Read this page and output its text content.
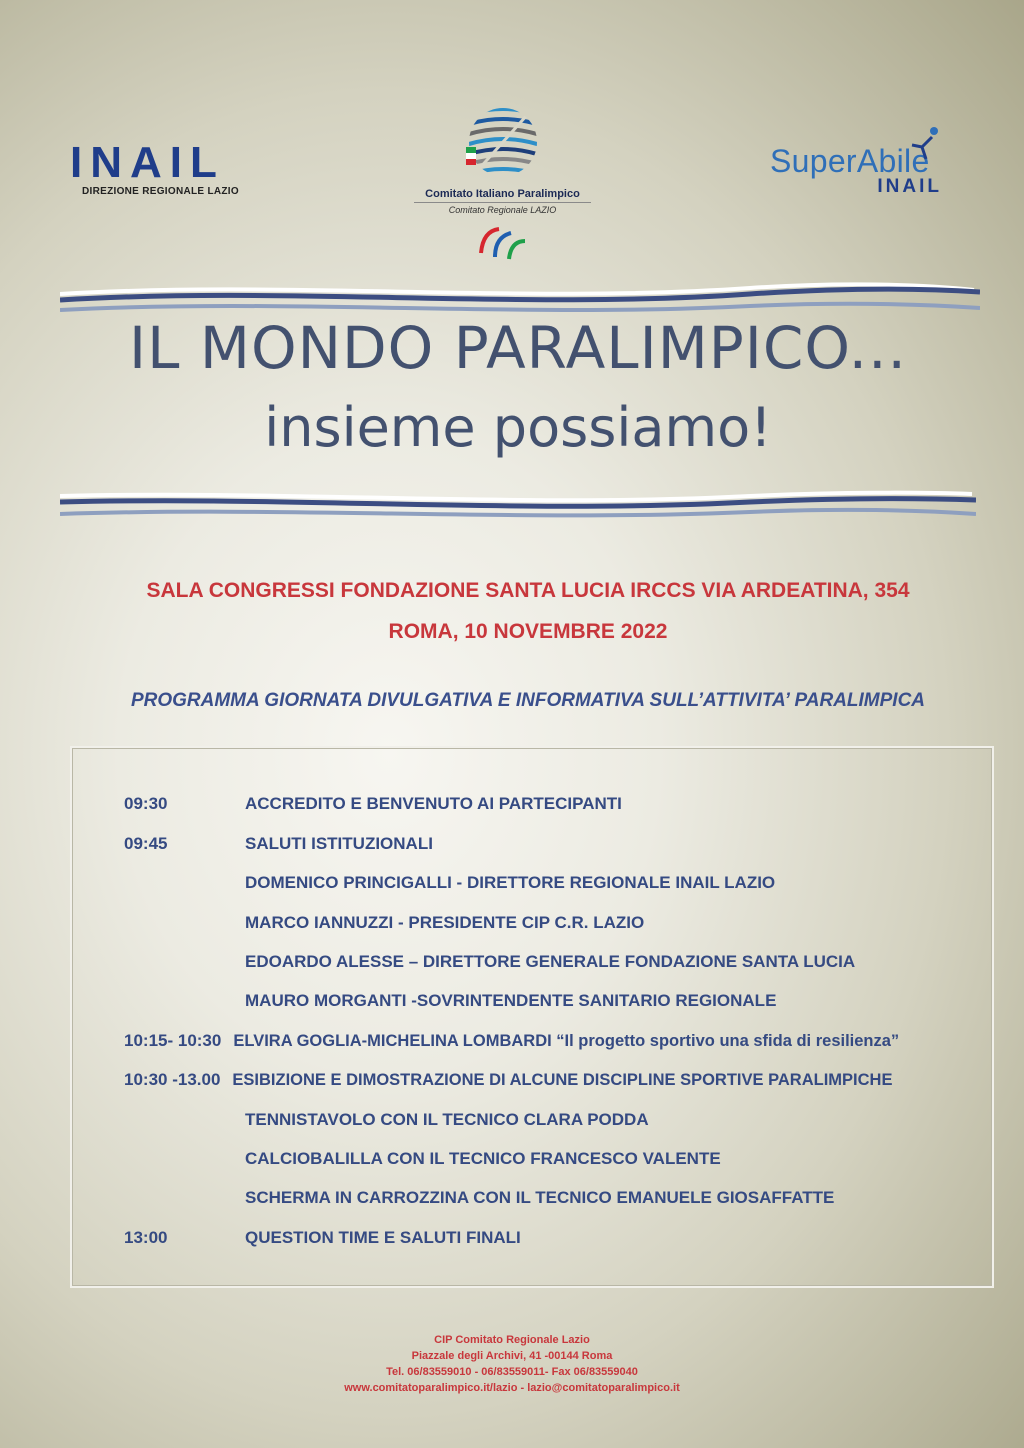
INAIL
DIREZIONE REGIONALE LAZIO	Comitato Italiano Paralimpico
Comitato Regionale LAZIO
SuperAbile
INAIL
IL MONDO PARALIMPICO...
insieme possiamo!
SALA CONGRESSI FONDAZIONE SANTA LUCIA IRCCS VIA ARDEATINA, 354
ROMA, 10 NOVEMBRE 2022
PROGRAMMA GIORNATA DIVULGATIVA E INFORMATIVA SULL’ATTIVITA’ PARALIMPICA
09:30	ACCREDITO E BENVENUTO AI PARTECIPANTI
09:45	SALUTI ISTITUZIONALI
DOMENICO PRINCIGALLI - DIRETTORE REGIONALE INAIL LAZIO
MARCO IANNUZZI - PRESIDENTE CIP C.R. LAZIO
EDOARDO ALESSE – DIRETTORE GENERALE FONDAZIONE SANTA LUCIA
MAURO MORGANTI -SOVRINTENDENTE SANITARIO REGIONALE
10:15- 10:30 ELVIRA GOGLIA-MICHELINA LOMBARDI “Il progetto sportivo una sfida di resilienza”
10:30 -13.00 ESIBIZIONE E DIMOSTRAZIONE DI ALCUNE DISCIPLINE SPORTIVE PARALIMPICHE
TENNISTAVOLO CON IL TECNICO CLARA PODDA
CALCIOBALILLA CON IL TECNICO FRANCESCO VALENTE
SCHERMA IN CARROZZINA CON IL TECNICO EMANUELE GIOSAFFATTE
13:00	QUESTION TIME E SALUTI FINALI
CIP Comitato Regionale Lazio
Piazzale degli Archivi, 41 -00144 Roma
Tel. 06/83559010 - 06/83559011- Fax 06/83559040
www.comitatoparalimpico.it/lazio - lazio@comitatoparalimpico.it
